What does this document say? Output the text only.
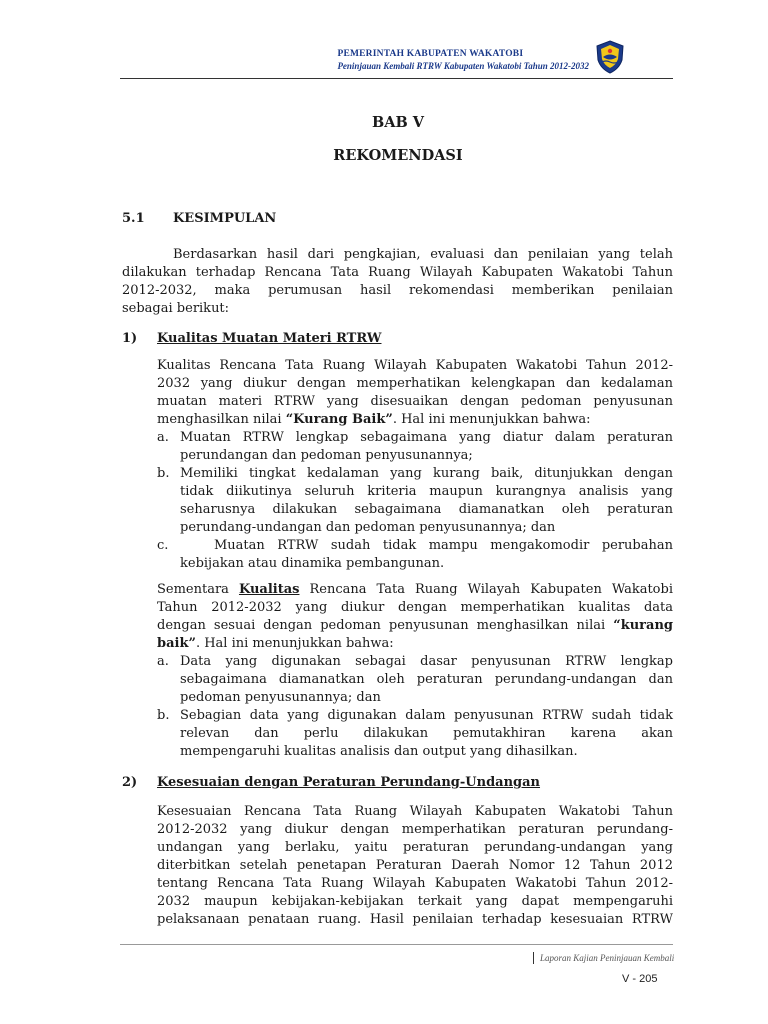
PEMERINTAH KABUPATEN WAKATOBI
Peninjauan Kembali RTRW Kabupaten Wakatobi Tahun 2012-2032
BAB V
REKOMENDASI
5.1 KESIMPULAN
Berdasarkan hasil dari pengkajian, evaluasi dan penilaian yang telah
dilakukan terhadap Rencana Tata Ruang Wilayah Kabupaten Wakatobi Tahun
2012-2032, maka perumusan hasil rekomendasi memberikan penilaian
sebagai berikut:
1) Kualitas Muatan Materi RTRW
Kualitas Rencana Tata Ruang Wilayah Kabupaten Wakatobi Tahun 2012-
2032 yang diukur dengan memperhatikan kelengkapan dan kedalaman
muatan materi RTRW yang disesuaikan dengan pedoman penyusunan
menghasilkan nilai “Kurang Baik”. Hal ini menunjukkan bahwa:
a. Muatan RTRW lengkap sebagaimana yang diatur dalam peraturan
perundangan dan pedoman penyusunannya;
b. Memiliki tingkat kedalaman yang kurang baik, ditunjukkan dengan
tidak diikutinya seluruh kriteria maupun kurangnya analisis yang
seharusnya dilakukan sebagaimana diamanatkan oleh peraturan
perundang-undangan dan pedoman penyusunannya; dan
c.	Muatan RTRW sudah tidak mampu mengakomodir perubahan
kebijakan atau dinamika pembangunan.
Sementara Kualitas Rencana Tata Ruang Wilayah Kabupaten Wakatobi
Tahun 2012-2032 yang diukur dengan memperhatikan kualitas data
dengan sesuai dengan pedoman penyusunan menghasilkan nilai “kurang
baik”. Hal ini menunjukkan bahwa:
a. Data yang digunakan sebagai dasar penyusunan RTRW lengkap
sebagaimana diamanatkan oleh peraturan perundang-undangan dan
pedoman penyusunannya; dan
b. Sebagian data yang digunakan dalam penyusunan RTRW sudah tidak
relevan dan perlu dilakukan pemutakhiran karena akan
mempengaruhi kualitas analisis dan output yang dihasilkan.
2) Kesesuaian dengan Peraturan Perundang-Undangan
Kesesuaian Rencana Tata Ruang Wilayah Kabupaten Wakatobi Tahun
2012-2032 yang diukur dengan memperhatikan peraturan perundang-
undangan yang berlaku, yaitu peraturan perundang-undangan yang
diterbitkan setelah penetapan Peraturan Daerah Nomor 12 Tahun 2012
tentang Rencana Tata Ruang Wilayah Kabupaten Wakatobi Tahun 2012-
2032 maupun kebijakan-kebijakan terkait yang dapat mempengaruhi
pelaksanaan penataan ruang. Hasil penilaian terhadap kesesuaian RTRW
Laporan Kajian Peninjauan Kembali
V - 205
